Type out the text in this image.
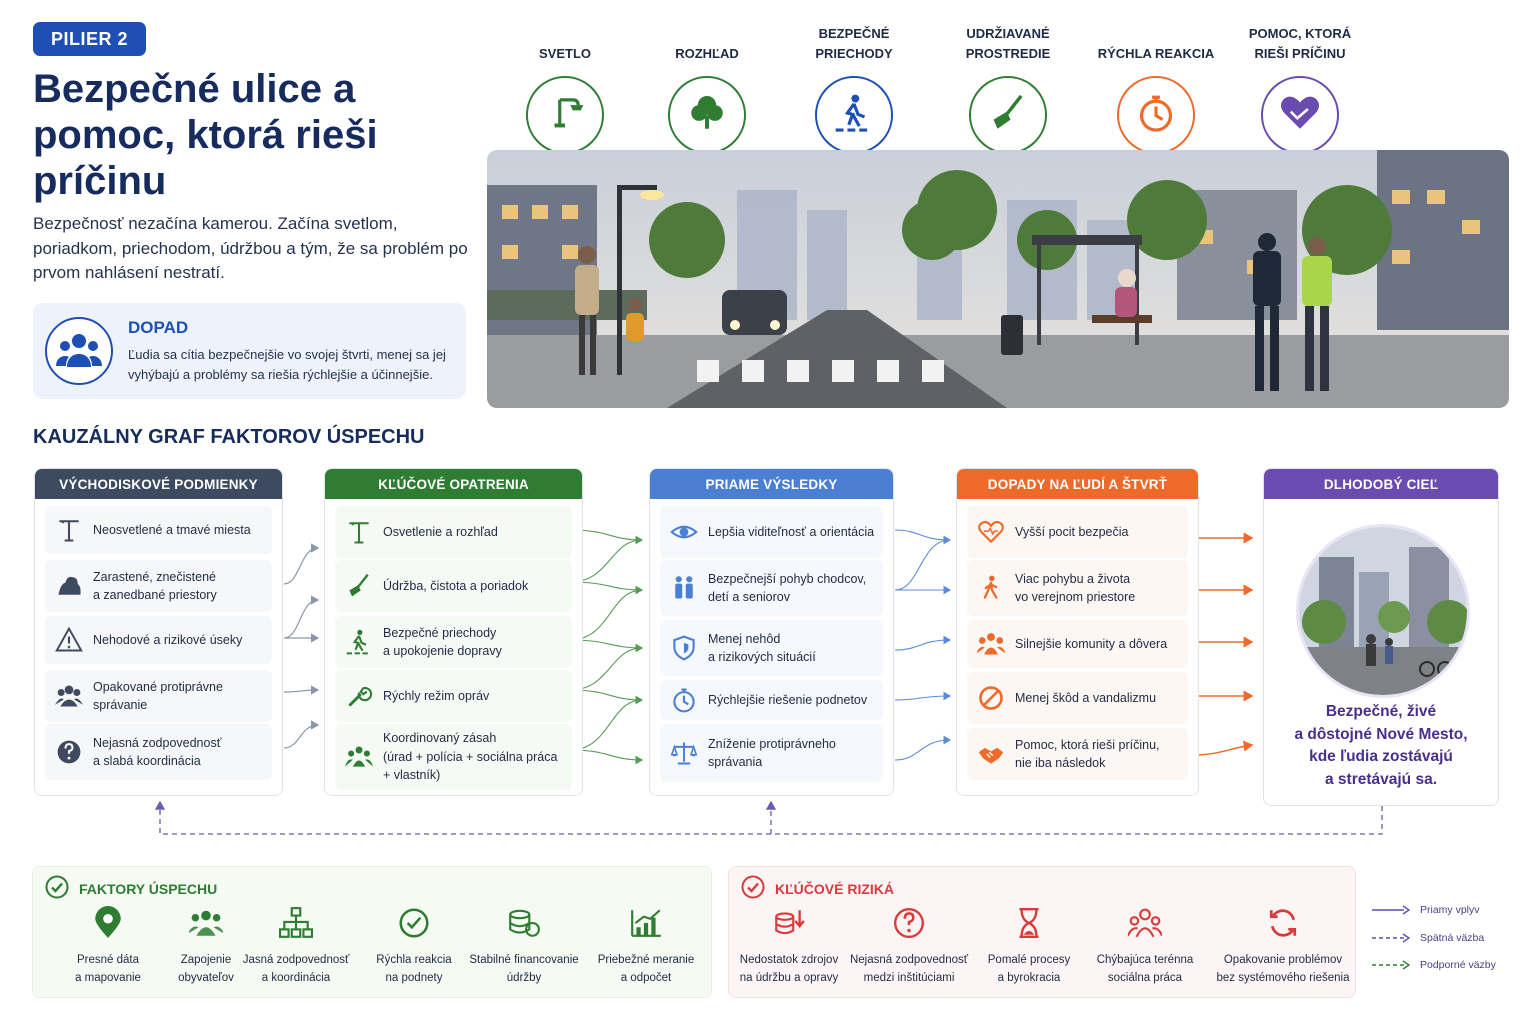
PILIER 2
Bezpečné ulice a pomoc, ktorá rieši príčinu
Bezpečnosť nezačína kamerou. Začína svetlom, poriadkom, priechodom, údržbou a tým, že sa problém po prvom nahlásení nestratí.
DOPAD
Ľudia sa cítia bezpečnejšie vo svojej štvrti, menej sa jej vyhýbajú a problémy sa riešia rýchlejšie a účinnejšie.
SVETLO	ROZHĽAD
BEZPEČNÉ PRIECHODY
UDRŽIAVANÉ PROSTREDIE	RÝCHLA REAKCIA
POMOC, KTORÁ RIEŠI PRÍČINU
KAUZÁLNY GRAF FAKTOROV ÚSPECHU
VÝCHODISKOVÉ PODMIENKY
Neosvetlené a tmavé miesta
Zarastené, znečistené
a zanedbané priestory
Nehodové a rizikové úseky
Opakované protiprávne
správanie
Nejasná zodpovednosť
a slabá koordinácia
KĽÚČOVÉ OPATRENIA
Osvetlenie a rozhľad
Údržba, čistota a poriadok
Bezpečné priechody
a upokojenie dopravy
Rýchly režim opráv
Koordinovaný zásah
(úrad + polícia + sociálna práca
+ vlastník)
PRIAME VÝSLEDKY
Lepšia viditeľnosť a orientácia
Bezpečnejší pohyb chodcov,
detí a seniorov
Menej nehôd
a rizikových situácií
Rýchlejšie riešenie podnetov
Zníženie protiprávneho
správania
DOPADY NA ĽUDÍ A ŠTVRŤ
Vyšší pocit bezpečia
Viac pohybu a života
vo verejnom priestore
Silnejšie komunity a dôvera
Menej škôd a vandalizmu
Pomoc, ktorá rieši príčinu,
nie iba následok
DLHODOBÝ CIEĽ
Bezpečné, živé
a dôstojné Nové Mesto,
kde ľudia zostávajú
a stretávajú sa.
FAKTORY ÚSPECHU
Presné dáta
a mapovanie
Zapojenie
obyvateľov
Jasná zodpovednosť
a koordinácia
Rýchla reakcia
na podnety
Stabilné financovanie
údržby
Priebežné meranie
a odpočet
KĽÚČOVÉ RIZIKÁ
Nedostatok zdrojov
na údržbu a opravy
Nejasná zodpovednosť
medzi inštitúciami
Pomalé procesy
a byrokracia
Chýbajúca terénna
sociálna práca
Opakovanie problémov
bez systémového riešenia
Priamy vplyv
Spätná väzba
Podporné väzby
